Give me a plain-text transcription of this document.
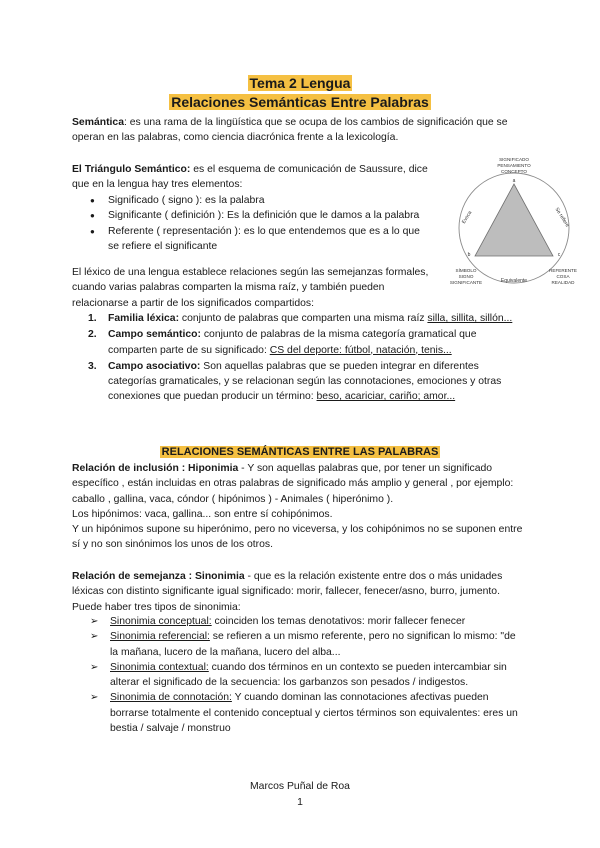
Tema 2 Lengua
Relaciones Semánticas Entre Palabras
Semántica: es una rama de la lingüística que se ocupa de los cambios de significación que se operan en las palabras, como ciencia diacrónica frente a la lexicología.
El Triángulo Semántico: es el esquema de comunicación de Saussure, dice que en la lengua hay tres elementos:
● Significado ( signo ): es la palabra
● Significante ( definición ): Es la definición que le damos a la palabra
● Referente ( representación ): es lo que entendemos que es a lo que se refiere el significante
SIGNIFICADO
PENSAMIENTO
CONCEPTO
a
b	c
Evoca	Se refiere
Equivalente
SÍMBOLO
SIGNO
SIGNIFICANTE
REFERENTE
COSA
REALIDAD
El léxico de una lengua establece relaciones según las semejanzas formales, cuando varias palabras comparten la misma raíz, y también pueden relacionarse a partir de los significados compartidos:
1. Familia léxica: conjunto de palabras que comparten una misma raíz silla, sillita, sillón...
2. Campo semántico: conjunto de palabras de la misma categoría gramatical que comparten parte de su significado: CS del deporte: fútbol, natación, tenis...
3. Campo asociativo: Son aquellas palabras que se pueden integrar en diferentes categorías gramaticales, y se relacionan según las connotaciones, emociones y otras conexiones que puedan producir un término: beso, acariciar, cariño; amor...
RELACIONES SEMÁNTICAS ENTRE LAS PALABRAS
Relación de inclusión : Hiponimia - Y son aquellas palabras que, por tener un significado específico , están incluidas en otras palabras de significado más amplio y general , por ejemplo: caballo , gallina, vaca, cóndor ( hipónimos ) - Animales ( hiperónimo ).
Los hipónimos: vaca, gallina... son entre sí cohipónimos.
Y un hipónimos supone su hiperónimo, pero no viceversa, y los cohipónimos no se suponen entre sí y no son sinónimos los unos de los otros.
Relación de semejanza : Sinonimia - que es la relación existente entre dos o más unidades léxicas con distinto significante igual significado: morir, fallecer, fenecer/asno, burro, jumento. Puede haber tres tipos de sinonimia:
➢ Sinonimia conceptual: coinciden los temas denotativos: morir fallecer fenecer
➢ Sinonimia referencial: se refieren a un mismo referente, pero no significan lo mismo: "de la mañana, lucero de la mañana, lucero del alba...
➢ Sinonimia contextual: cuando dos términos en un contexto se pueden intercambiar sin alterar el significado de la secuencia: los garbanzos son pesados / indigestos.
➢ Sinonimia de connotación: Y cuando dominan las connotaciones afectivas pueden borrarse totalmente el contenido conceptual y ciertos términos son equivalentes: eres un bestia / salvaje / monstruo
Marcos Puñal de Roa
1
